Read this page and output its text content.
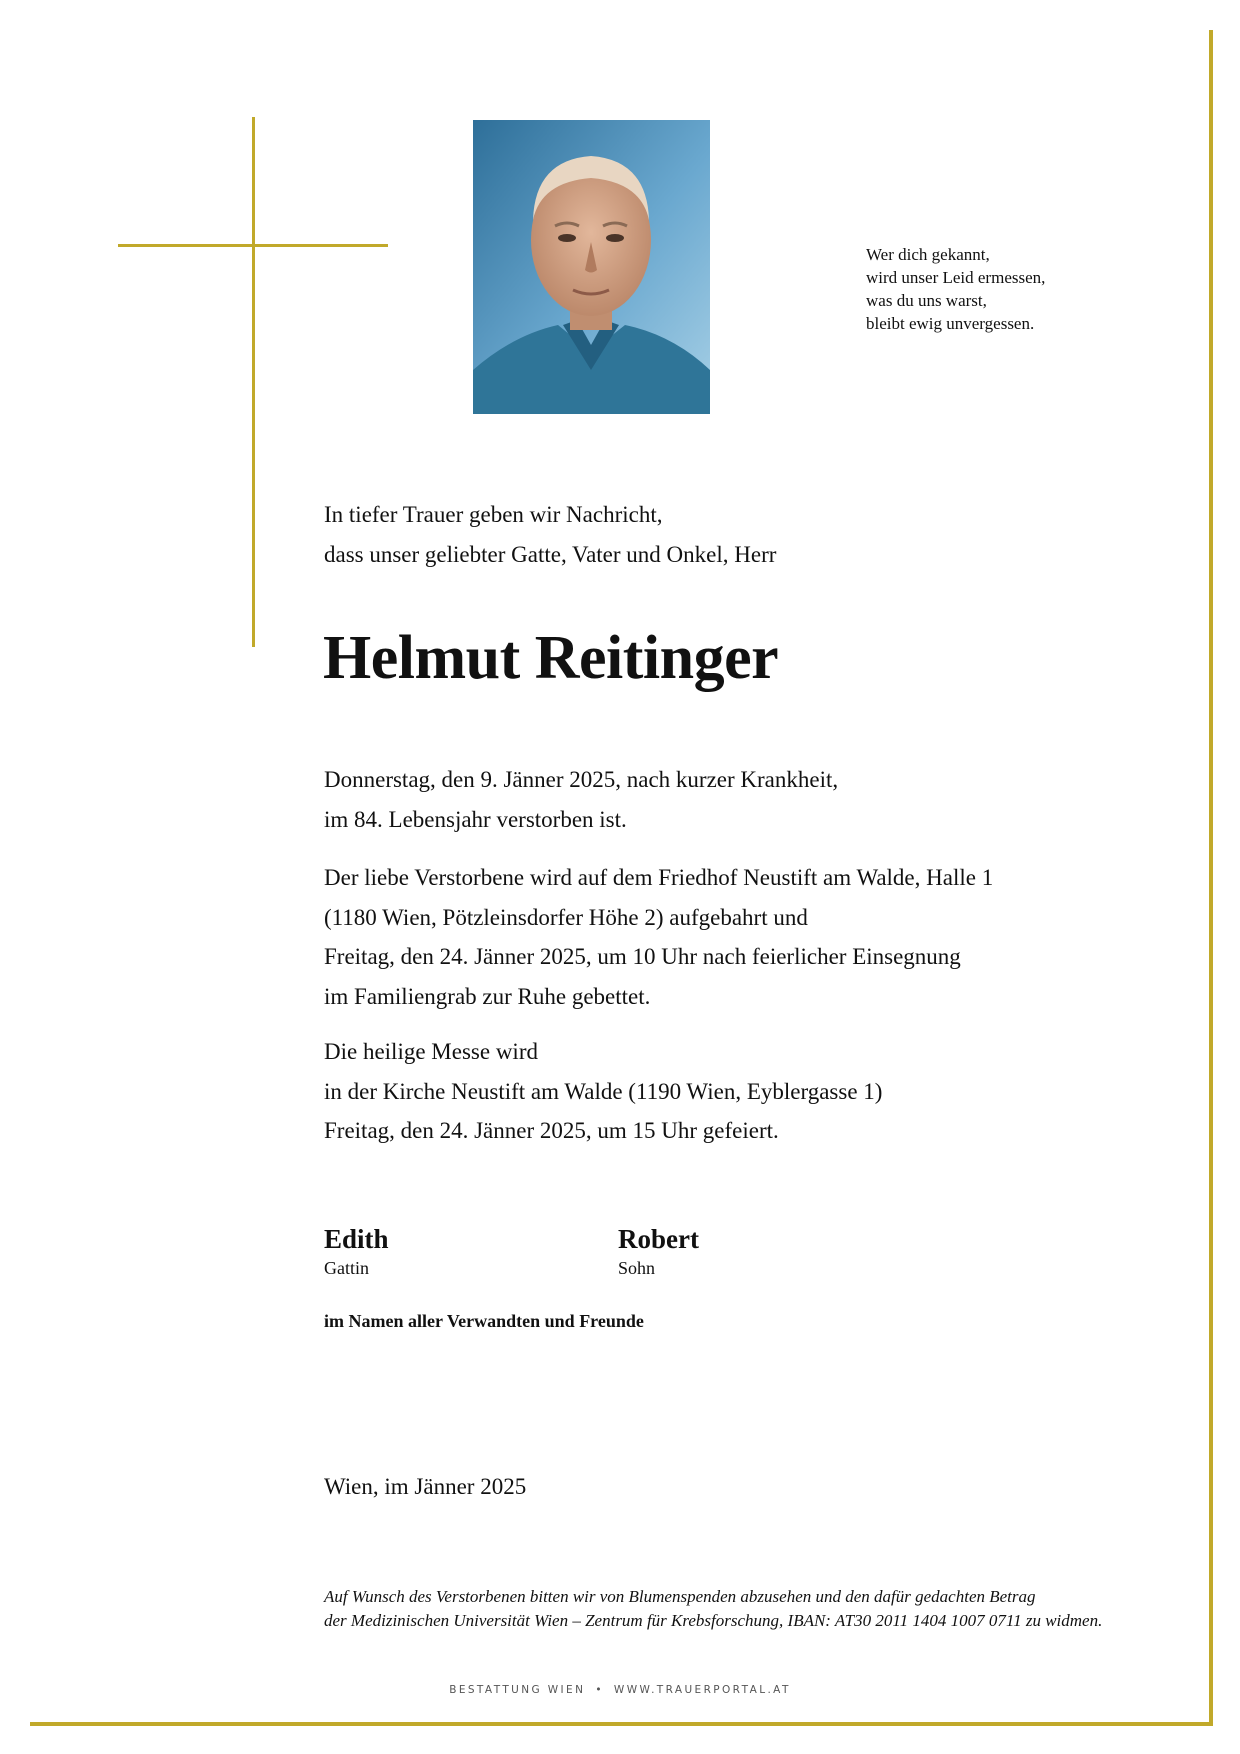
Wer dich gekannt,
wird unser Leid ermessen,
was du uns warst,
bleibt ewig unvergessen.
In tiefer Trauer geben wir Nachricht,
dass unser geliebter Gatte, Vater und Onkel, Herr
Helmut Reitinger
Donnerstag, den 9. Jänner 2025, nach kurzer Krankheit,
im 84. Lebensjahr verstorben ist.
Der liebe Verstorbene wird auf dem Friedhof Neustift am Walde, Halle 1
(1180 Wien, Pötzleinsdorfer Höhe 2) aufgebahrt und
Freitag, den 24. Jänner 2025, um 10 Uhr nach feierlicher Einsegnung
im Familiengrab zur Ruhe gebettet.
Die heilige Messe wird
in der Kirche Neustift am Walde (1190 Wien, Eyblergasse 1)
Freitag, den 24. Jänner 2025, um 15 Uhr gefeiert.
Edith
Gattin
Robert
Sohn
im Namen aller Verwandten und Freunde
Wien, im Jänner 2025
Auf Wunsch des Verstorbenen bitten wir von Blumenspenden abzusehen und den dafür gedachten Betrag
der Medizinischen Universität Wien – Zentrum für Krebsforschung, IBAN: AT30 2011 1404 1007 0711 zu widmen.
BESTATTUNG WIEN • WWW.TRAUERPORTAL.AT
